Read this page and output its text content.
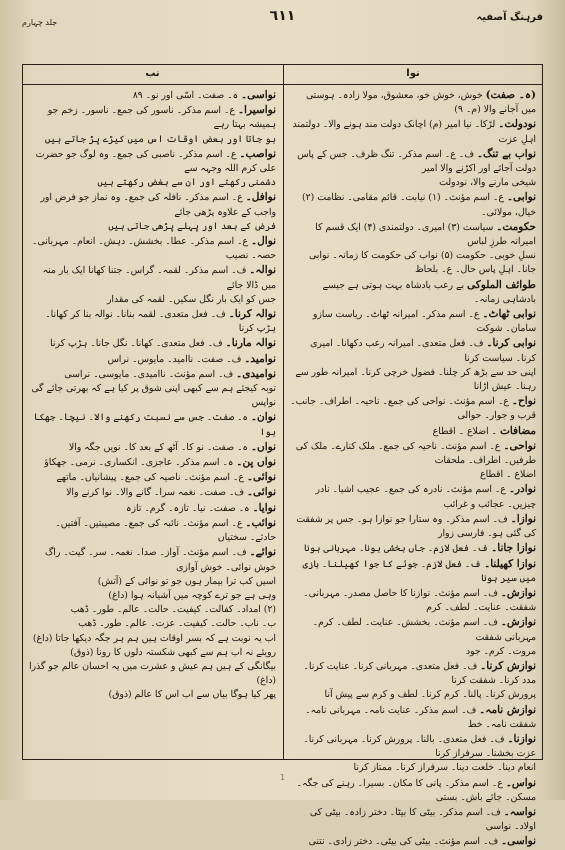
جلد چہارم	٦١١	فرہنگ آصفیہ
نوا
نب
(ہ۔ صفت) خوش، خوش خو، معشوق، مولا زادہ۔ ہوستی میں آجانے والا (م۔ ۹)
نودولت۔ لڑکا۔ نیا امیر (م) اچانک دولت مند ہونے والا۔ دولتمند اہلِ عزت
نواب بے تنگ۔ ف۔ ع۔ اسم مذکر۔ تنگ ظرف۔ جس کے پاس دولت آجائے اور اکڑنے والا امیر
شیخی مارنے والا، نودولت
نوابی۔ ع۔ اسم مؤنث۔ (۱) نیابت۔ قائم مقامی۔ نظامت (۲) خیال، مولائی۔
حکومت۔ سیاست (۳) امیری۔ دولتمندی (۴) ایک قسم کا امیرانہ طرزِ لباس
نسلِ خوبی۔ حکومت (۵) نواب کی حکومت کا زمانہ۔ نوابی جانا۔ اہلِ پاس حال۔ ع۔ بلحاظ
طوائف الملوکی بے رعب بادشاہ بہت ہوتی ہے جیسے بادشاہی زمانہ۔
نوابی ٹھاٹ۔ ع۔ اسم مذکر۔ امیرانہ ٹھاٹ۔ ریاست سازو سامان۔ شوکت
نوابی کرنا۔ ف۔ فعل متعدی۔ امیرانہ رعب دکھانا۔ امیری کرنا۔ سیاست کرنا
اپنی حد سے بڑھ کر چلنا۔ فضول خرچی کرنا۔ امیرانہ طور سے رہنا۔ عیش اڑانا
نواح۔ ع۔ اسم مؤنث۔ نواحی کی جمع۔ ناحیہ۔ اطراف۔ جانب۔ قرب و جوار۔ حوالی
مضافات ۔ اضلاع ۔ اقطاع
نواحی۔ ع۔ اسم مؤنث۔ ناحیہ کی جمع۔ ملک کنارے۔ ملک کی طرفیں۔ اطراف۔ ملحقات
اضلاع ۔ اقطاع
نوادر۔ ع۔ اسم مؤنث۔ نادرہ کی جمع۔ عجیب اشیا۔ نادر چیزیں۔ عجائب و غرائب
نوازا۔ ف۔ اسم مذکر۔ وہ ستارا جو نوازا ہو۔ جس پر شفقت کی گئی ہو۔ فارسی زوار
نوازا جانا۔ ف۔ فعل لازم۔ جاں بخشی ہونا۔ مہربانی ہونا
نوازا کھیلنا۔ ف۔ فعل لازم۔ جوئے کا جوا کھیلنا۔ بازی میں سیر ہونا
نوازش۔ ف۔ اسم مؤنث۔ نوازنا کا حاصل مصدر۔ مہربانی۔ شفقت۔ عنایت۔ لطف۔ کرم
نوازش۔ ف۔ اسم مؤنث۔ بخشش۔ عنایت۔ لطف۔ کرم۔ مہربانی شفقت
مروت۔ کرم۔ جود
نوازش کرنا۔ ف۔ فعل متعدی۔ مہربانی کرنا۔ عنایت کرنا۔ مدد کرنا۔ شفقت کرنا
پرورش کرنا۔ پالنا۔ کرم کرنا۔ لطف و کرم سے پیش آنا
نوازش نامہ۔ ف۔ اسم مذکر۔ عنایت نامہ۔ مہربانی نامہ۔ شفقت نامہ۔ خط
نوازنا۔ ف۔ فعل متعدی۔ بالنا۔ پرورش کرنا۔ مہربانی کرنا۔ عزت بخشنا۔ سرفراز کرنا
انعام دینا۔ خلعت دینا۔ سرفراز کرنا۔ ممتاز کرنا
نواس۔ ع۔ اسم مذکر۔ پانی کا مکان۔ بسیرا۔ رہنے کی جگہ۔ مسکن۔ جائے باش۔ بستی
نواسہ۔ ف۔ اسم مذکر۔ بیٹی کا بیٹا۔ دختر زادہ۔ بیٹی کی اولاد۔ نواسی
نواسی۔ ف۔ اسم مؤنث۔ بیٹی کی بیٹی۔ دختر زادی۔ نتنی
نواسی۔ ہ۔ صفت۔ اسّی اور نو۔ ۸۹
نواسیرا۔ ع۔ اسم مذکر۔ ناسور کی جمع۔ ناسور۔ زخم جو ہمیشہ بہتا رہے
ہو جاتا اور بعض اوقات اس میں کیڑے پڑ جاتے ہیں
نواصب۔ ع۔ اسم مذکر۔ ناصبی کی جمع۔ وہ لوگ جو حضرت علی کرم اللہ وجہہ سے
دشمنی رکھتے اور ان سے بغض رکھتے ہیں
نوافل۔ ع۔ اسم مذکر۔ نافلہ کی جمع۔ وہ نماز جو فرض اور واجب کے علاوہ پڑھی جائے
فرض کے بعد اور پہلے پڑھی جاتی ہیں
نوال۔ ع۔ اسم مذکر۔ عطا۔ بخشش۔ دہش۔ انعام۔ مہربانی۔ حصہ۔ نصیب
نوالہ۔ ف۔ اسم مذکر۔ لقمہ۔ گراس۔ جتنا کھانا ایک بار منہ میں ڈالا جائے
جس کو ایک بار نگل سکیں۔ لقمہ کی مقدار
نوالہ کرنا۔ ف۔ فعل متعدی۔ لقمہ بنانا۔ نوالہ بنا کر کھانا۔ ہڑپ کرنا
نوالہ مارنا۔ ف۔ فعل متعدی۔ کھانا۔ نگل جانا۔ ہڑپ کرنا
نوامید۔ ف۔ صفت۔ ناامید۔ مایوس۔ نراس
نوامیدی۔ ف۔ اسم مؤنث۔ ناامیدی۔ مایوسی۔ نراسی
توبہ کیجئے ہم سے کبھی اپنی شوق پر کیا ہے کہ بھرتی جائے گی نواپس
نوان۔ ہ۔ صفت۔ جس سے نسبت رکھنے والا۔ نیچا۔ جھکا ہوا
نواں۔ ہ۔ صفت۔ نو کا۔ آٹھ کے بعد کا۔ نویں جگہ والا
نواں پن۔ ہ۔ اسم مذکر۔ عاجزی۔ انکساری۔ نرمی۔ جھکاؤ
نوائی۔ ع۔ اسم مؤنث۔ ناصیہ کی جمع۔ پیشانیاں۔ ماتھے
نوائی۔ ف۔ صفت۔ نغمہ سرا۔ گانے والا۔ نوا کرنے والا
نوایا۔ ہ۔ صفت۔ نیا۔ تازہ۔ گرم۔ تازہ
نوائب۔ ع۔ اسم مؤنث۔ نائبہ کی جمع۔ مصیبتیں۔ آفتیں۔ حادثے۔ سختیاں
نوائے۔ ف۔ اسم مؤنث۔ آواز۔ صدا۔ نغمہ۔ سر۔ گیت۔ راگ
خوش نوائی۔ خوش آوازی
اسیں کب ترا بیمار ہوں جو تو نوائی کے (آتش)
وہی ہے جو ترے کوچہ میں آشیانہ ہوا (داغ)
(۲) امداد۔ کفالت۔ کیفیت۔ حالت۔ عالم۔ طور۔ ڈھب
ب۔ ناب۔ حالت۔ کیفیت۔ عزت۔ عالم۔ طور۔ ڈھب
اب یہ نوبت ہے کہ بسر اوقات ہیں ہم ہر جگہ دیکھا جاتا (داغ)
رویئے نہ اب ہم سے کبھی شکستہ دلوں کا رونا (ذوق)
بیگانگی کے ہیں ہم عیش و عشرت میں یہ احسان عالم جو گذرا (داغ)
پھر کیا ہوگا بیاں سے اب اس کا عالم (ذوق)
1
